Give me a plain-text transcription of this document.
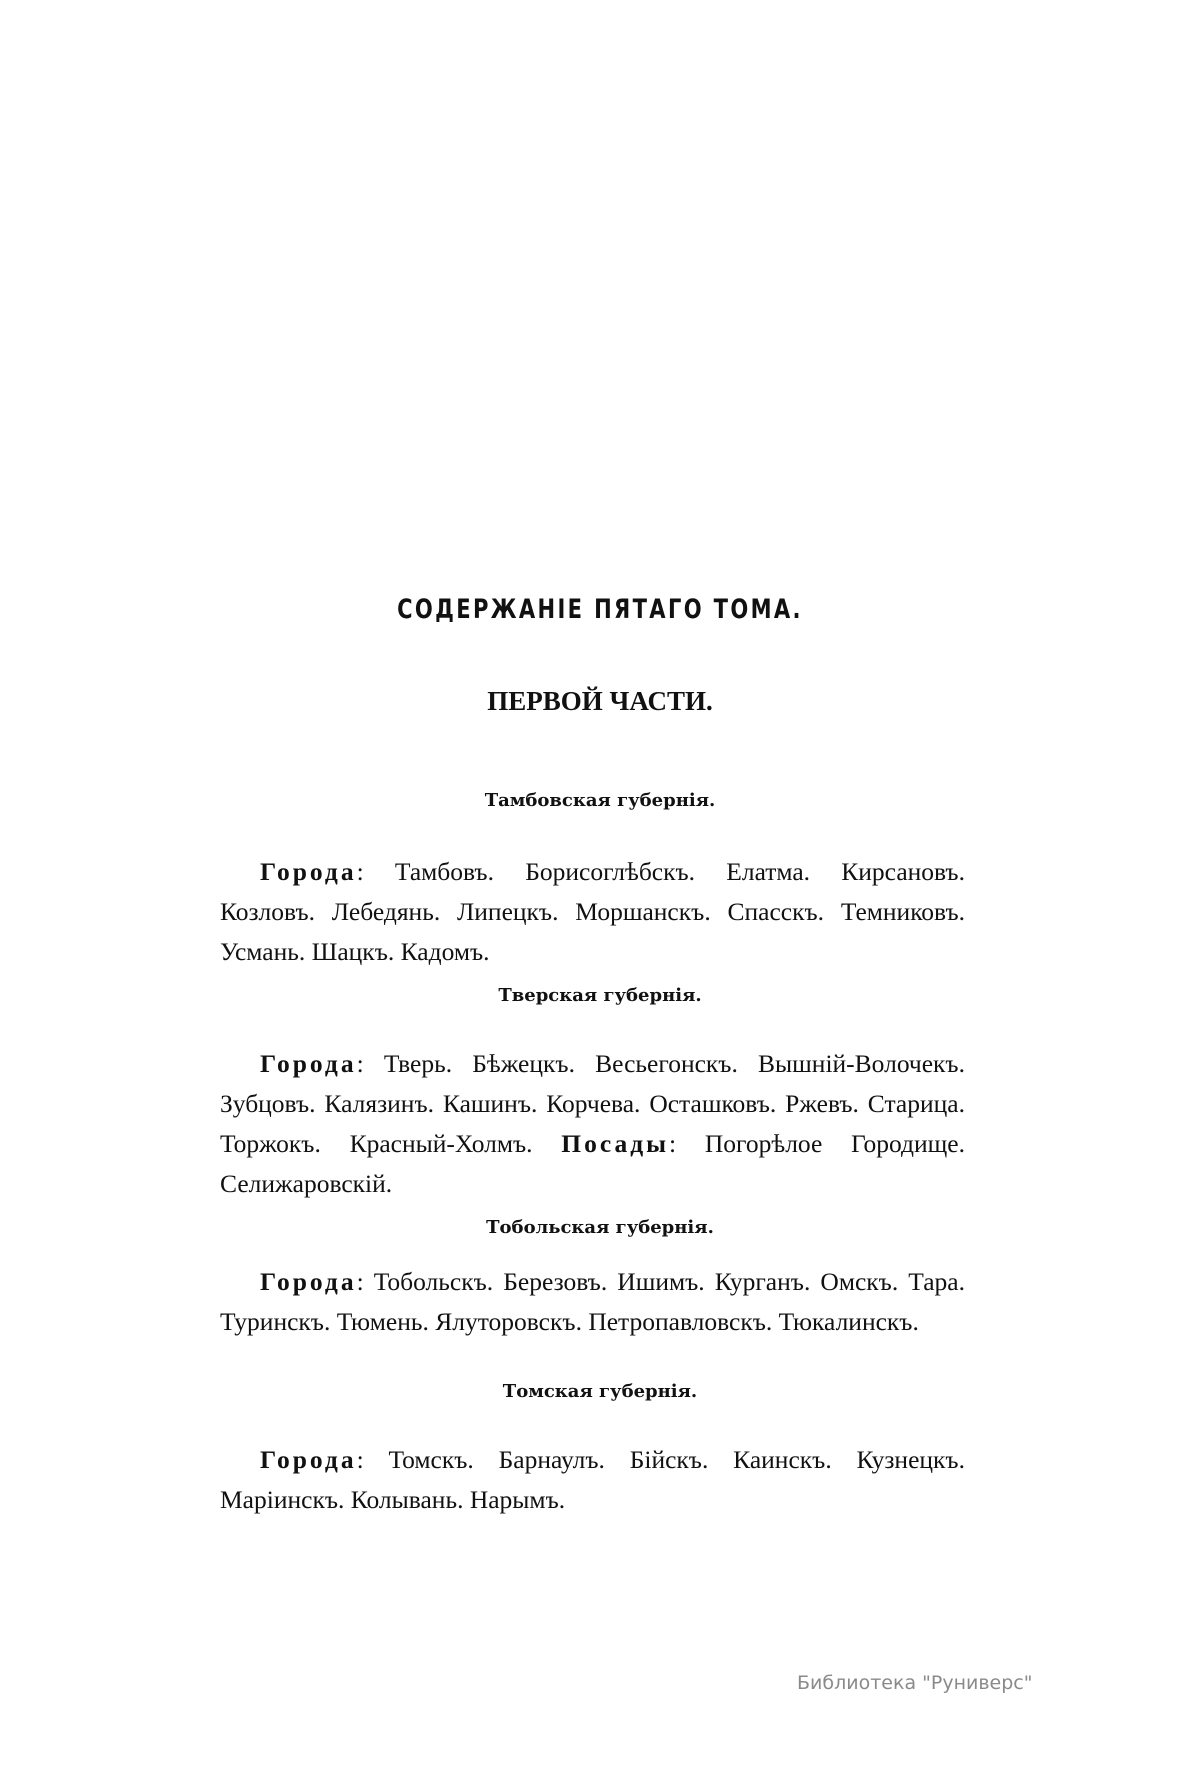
СОДЕРЖАНІЕ ПЯТАГО ТОМА.
ПЕРВОЙ ЧАСТИ.
Тамбовская губернія.

Города: Тамбовъ. Борисоглѣбскъ. Елатма. Кирсановъ. Козловъ. Лебедянь. Липецкъ. Моршанскъ. Спасскъ. Темниковъ. Усмань. Шацкъ. Кадомъ.

Тверская губернія.

Города: Тверь. Бѣжецкъ. Весьегонскъ. Вышній-Волочекъ. Зубцовъ. Калязинъ. Кашинъ. Корчева. Осташковъ. Ржевъ. Старица. Торжокъ. Красный-Холмъ. Посады: Погорѣлое Городище. Селижаровскій.

Тобольская губернія.

Города: Тобольскъ. Березовъ. Ишимъ. Курганъ. Омскъ. Тара. Туринскъ. Тюмень. Ялуторовскъ. Петропавловскъ. Тюкалинскъ.

Томская губернія.

Города: Томскъ. Барнаулъ. Бійскъ. Каинскъ. Кузнецкъ. Маріинскъ. Колывань. Нарымъ.

Библиотека "Руниверс"
